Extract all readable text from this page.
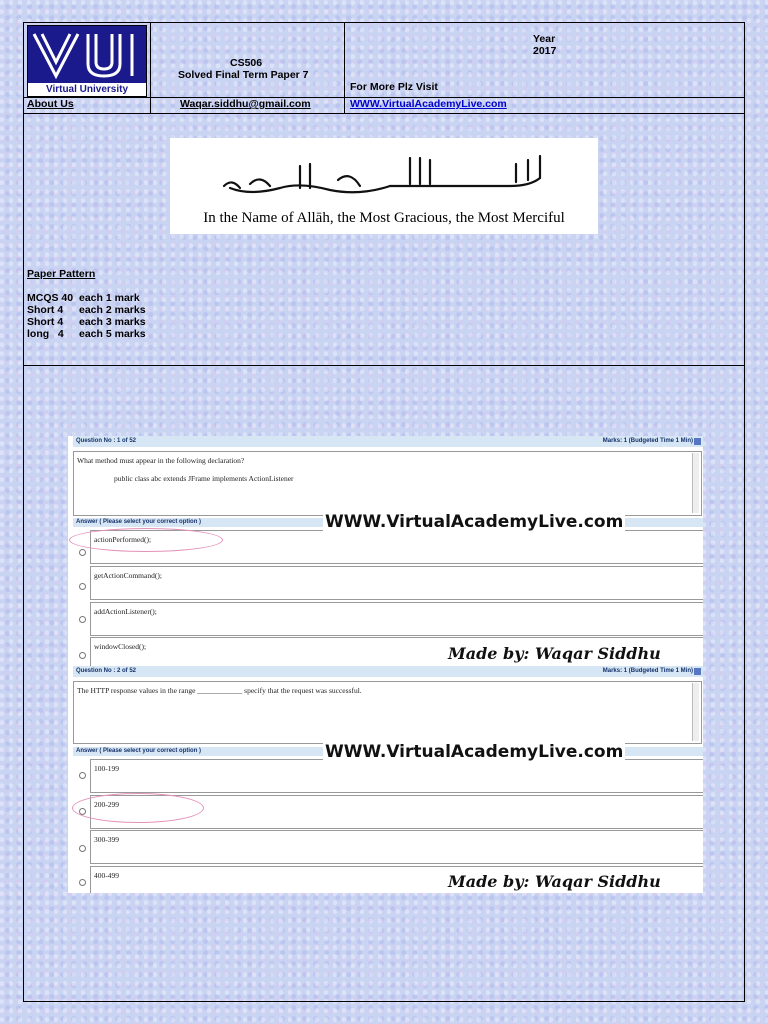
Virtual University
CS506
Solved Final Term Paper 7
Year
2017
For More Plz Visit
About Us	Waqar.siddhu@gmail.com	WWW.VirtualAcademyLive.com
بسم الله الرحمن الرحيم
In the Name of Allāh, the Most Gracious, the Most Merciful
Paper Pattern
MCQS 40 each 1 mark
Short 4 each 2 marks
Short 4 each 3 marks
long   4 each 5 marks
Question No : 1 of 52	Marks: 1 (Budgeted Time 1 Min)
What method must appear in the following declaration?
public class abc extends JFrame implements ActionListener
Answer ( Please select your correct option )
actionPerformed();
getActionCommand();
addActionListener();
windowClosed();
WWW.VirtualAcademyLive.com
Made by: Waqar Siddhu
Question No : 2 of 52	Marks: 1 (Budgeted Time 1 Min)
The HTTP response values in the range ____________ specify that the request was successful.
Answer ( Please select your correct option )
100-199
200-299
300-399
400-499
WWW.VirtualAcademyLive.com
Made by: Waqar Siddhu
